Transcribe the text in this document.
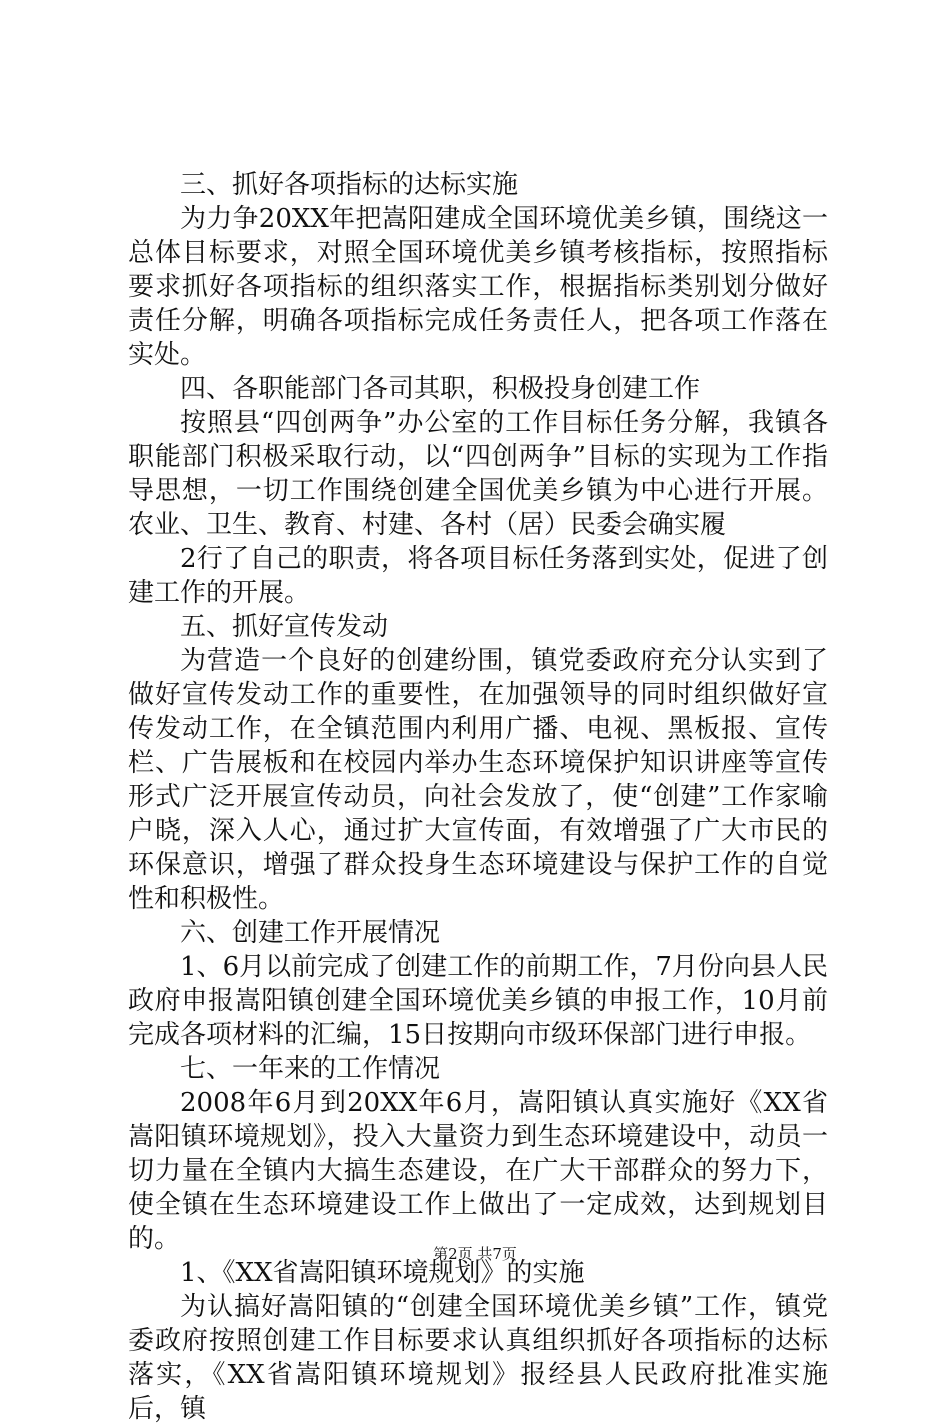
三、抓好各项指标的达标实施

为力争20XX年把嵩阳建成全国环境优美乡镇，围绕这一总体目标要求，对照全国环境优美乡镇考核指标，按照指标要求抓好各项指标的组织落实工作，根据指标类别划分做好责任分解，明确各项指标完成任务责任人，把各项工作落在实处。

四、各职能部门各司其职，积极投身创建工作

按照县“四创两争”办公室的工作目标任务分解，我镇各职能部门积极采取行动，以“四创两争”目标的实现为工作指导思想，一切工作围绕创建全国优美乡镇为中心进行开展。农业、卫生、教育、村建、各村（居）民委会确实履

2行了自己的职责，将各项目标任务落到实处，促进了创建工作的开展。

五、抓好宣传发动

为营造一个良好的创建纷围，镇党委政府充分认实到了做好宣传发动工作的重要性，在加强领导的同时组织做好宣传发动工作，在全镇范围内利用广播、电视、黑板报、宣传栏、广告展板和在校园内举办生态环境保护知识讲座等宣传形式广泛开展宣传动员，向社会发放了，使“创建”工作家喻户晓，深入人心，通过扩大宣传面，有效增强了广大市民的环保意识，增强了群众投身生态环境建设与保护工作的自觉性和积极性。

六、创建工作开展情况

1、6月以前完成了创建工作的前期工作，7月份向县人民政府申报嵩阳镇创建全国环境优美乡镇的申报工作，10月前完成各项材料的汇编，15日按期向市级环保部门进行申报。

七、一年来的工作情况

2008年6月到20XX年6月，嵩阳镇认真实施好《XX省嵩阳镇环境规划》，投入大量资力到生态环境建设中，动员一切力量在全镇内大搞生态建设，在广大干部群众的努力下，使全镇在生态环境建设工作上做出了一定成效，达到规划目的。

1、《XX省嵩阳镇环境规划》的实施

为认搞好嵩阳镇的“创建全国环境优美乡镇”工作，镇党委政府按照创建工作目标要求认真组织抓好各项指标的达标落实，《XX省嵩阳镇环境规划》报经县人民政府批准实施后，镇

第2页 共7页
